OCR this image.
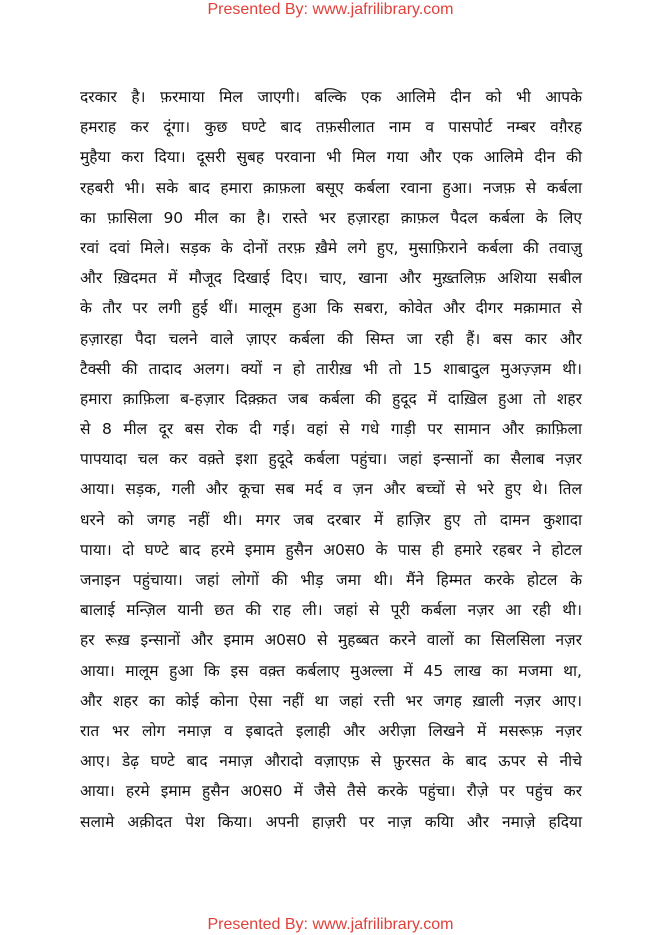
Presented By: www.jafrilibrary.com
दरकार है। फ़रमाया मिल जाएगी। बल्कि एक आलिमे दीन को भी आपके
हमराह कर दूंगा। कुछ घण्टे बाद तफ़सीलात नाम व पासपोर्ट नम्बर वग़ैरह
मुहैया करा दिया। दूसरी सुबह परवाना भी मिल गया और एक आलिमे दीन की
रहबरी भी। सके बाद हमारा क़ाफ़ला बसूए कर्बला रवाना हुआ। नजफ़ से कर्बला
का फ़ासिला 90 मील का है। रास्ते भर हज़ारहा क़ाफ़ल पैदल कर्बला के लिए
रवां दवां मिले। सड़क के दोनों तरफ़ ख़ैमे लगे हुए, मुसाफ़िराने कर्बला की तवाज़ु
और ख़िदमत में मौजूद दिखाई दिए। चाए, खाना और मुख़्तलिफ़ अशिया सबील
के तौर पर लगी हुई थीं। मालूम हुआ कि सबरा, कोवेत और दीगर मक़ामात से
हज़ारहा पैदा चलने वाले ज़ाएर कर्बला की सिम्त जा रही हैं। बस कार और
टैक्सी की तादाद अलग। क्यों न हो तारीख़ भी तो 15 शाबादुल मुअज़्ज़म थी।
हमारा क़ाफ़िला ब-हज़ार दिक़्क़त जब कर्बला की हुदूद में दाख़िल हुआ तो शहर
से 8 मील दूर बस रोक दी गई। वहां से गधे गाड़ी पर सामान और क़ाफ़िला
पापयादा चल कर वक़्ते इशा हुदूदे कर्बला पहुंचा। जहां इन्सानों का सैलाब नज़र
आया। सड़क, गली और कूचा सब मर्द व ज़न और बच्चों से भरे हुए थे। तिल
धरने को जगह नहीं थी। मगर जब दरबार में हाज़िर हुए तो दामन कुशादा
पाया। दो घण्टे बाद हरमे इमाम हुसैन अ0स0 के पास ही हमारे रहबर ने होटल
जनाइन पहुंचाया। जहां लोगों की भीड़ जमा थी। मैंने हिम्मत करके होटल के
बालाई मन्ज़िल यानी छत की राह ली। जहां से पूरी कर्बला नज़र आ रही थी।
हर रूख़ इन्सानों और इमाम अ0स0 से मुहब्बत करने वालों का सिलसिला नज़र
आया। मालूम हुआ कि इस वक़्त कर्बलाए मुअल्ला में 45 लाख का मजमा था,
और शहर का कोई कोना ऐसा नहीं था जहां रत्ती भर जगह ख़ाली नज़र आए।
रात भर लोग नमाज़ व इबादते इलाही और अरीज़ा लिखने में मसरूफ़ नज़र
आए। डेढ़ घण्टे बाद नमाज़ औरादो वज़ाएफ़ से फ़ुरसत के बाद ऊपर से नीचे
आया। हरमे इमाम हुसैन अ0स0 में जैसे तैसे करके पहुंचा। रौज़े पर पहुंच कर
सलामे अक़ीदत पेश किया। अपनी हाज़री पर नाज़ कयिा और नमाज़े हदिया
Presented By: www.jafrilibrary.com
